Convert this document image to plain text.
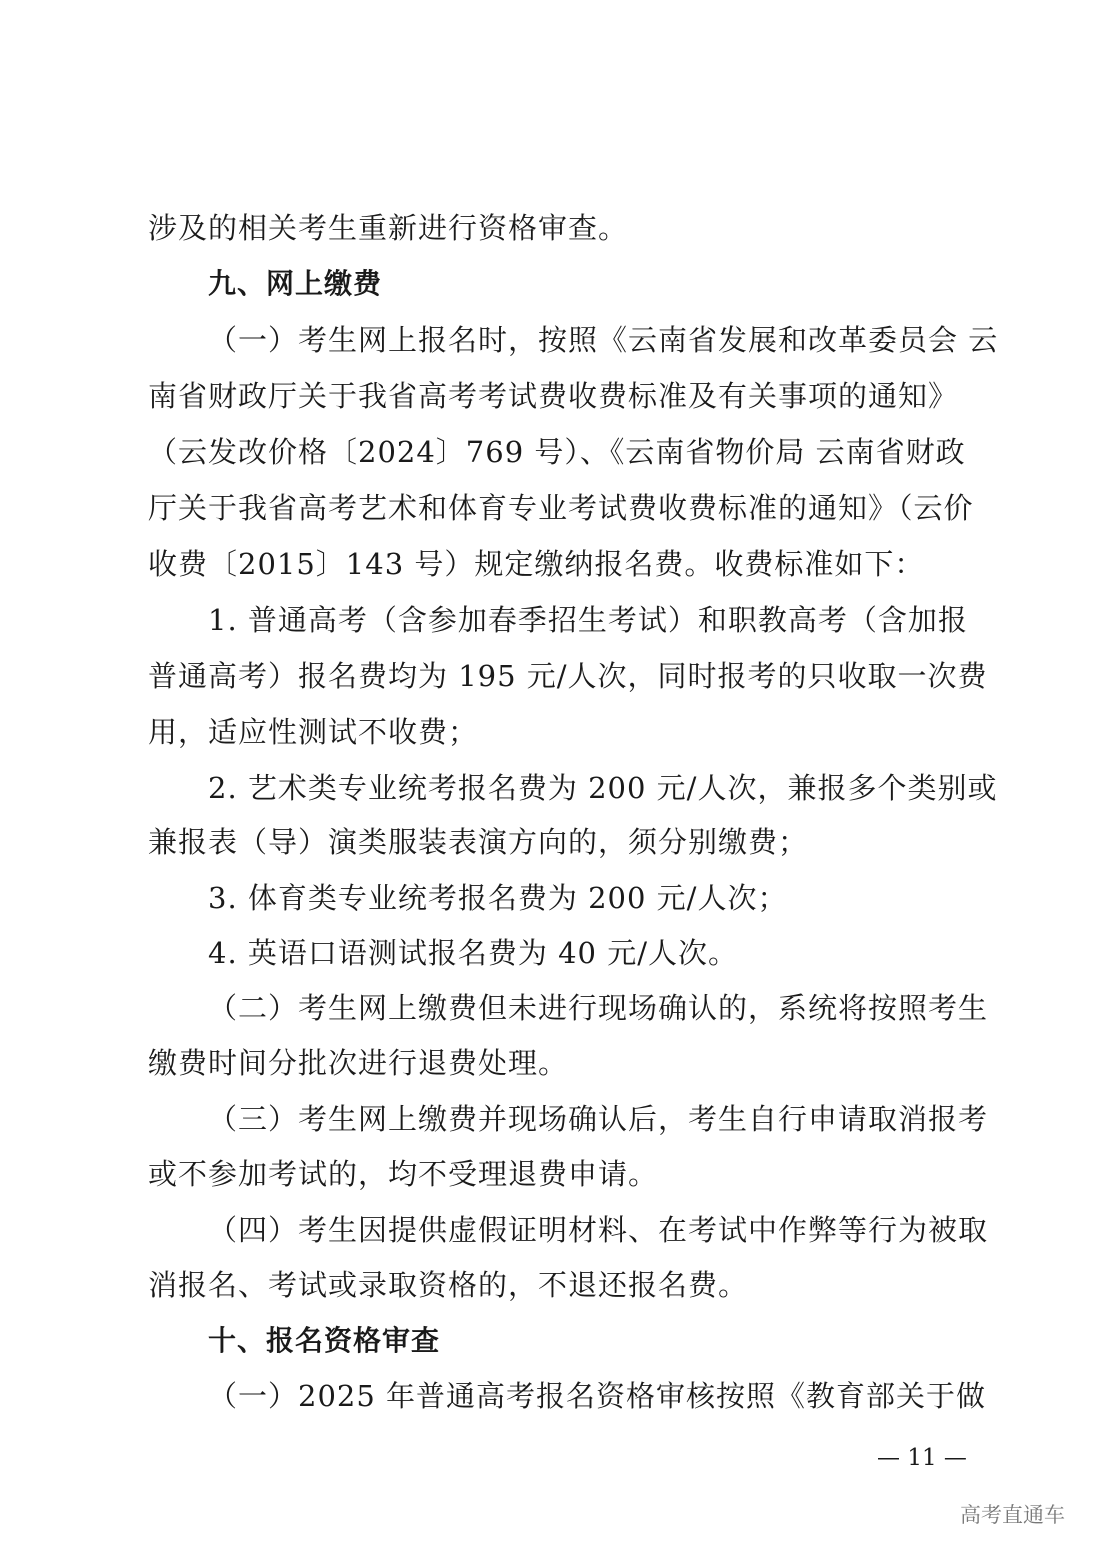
涉及的相关考生重新进行资格审查。
九、网上缴费
（一）考生网上报名时，按照《云南省发展和改革委员会 云
南省财政厅关于我省高考考试费收费标准及有关事项的通知》
（云发改价格〔2024〕769 号）、《云南省物价局 云南省财政
厅关于我省高考艺术和体育专业考试费收费标准的通知》（云价
收费〔2015〕143 号）规定缴纳报名费。收费标准如下：
1. 普通高考（含参加春季招生考试）和职教高考（含加报
普通高考）报名费均为 195 元/人次，同时报考的只收取一次费
用，适应性测试不收费；
2. 艺术类专业统考报名费为 200 元/人次，兼报多个类别或
兼报表（导）演类服装表演方向的，须分别缴费；
3. 体育类专业统考报名费为 200 元/人次；
4. 英语口语测试报名费为 40 元/人次。
（二）考生网上缴费但未进行现场确认的，系统将按照考生
缴费时间分批次进行退费处理。
（三）考生网上缴费并现场确认后，考生自行申请取消报考
或不参加考试的，均不受理退费申请。
（四）考生因提供虚假证明材料、在考试中作弊等行为被取
消报名、考试或录取资格的，不退还报名费。
十、报名资格审查
（一）2025 年普通高考报名资格审核按照《教育部关于做
— 11 —
高考直通车
